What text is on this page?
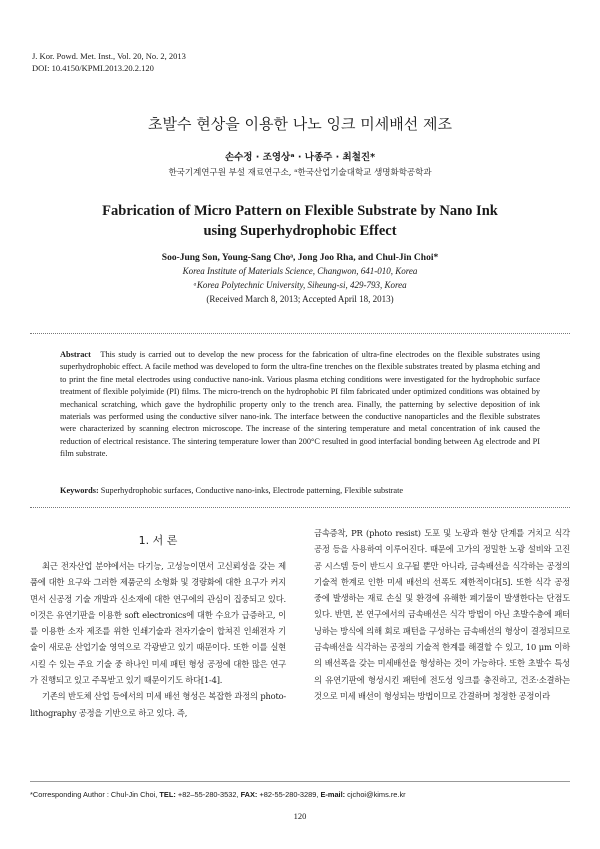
J. Kor. Powd. Met. Inst., Vol. 20, No. 2, 2013
DOI: 10.4150/KPMI.2013.20.2.120
초발수 현상을 이용한 나노 잉크 미세배선 제조
손수정 · 조영상ᵃ · 나종주 · 최철진*
한국기계연구원 부설 재료연구소, ᵃ한국산업기술대학교 생명화학공학과
Fabrication of Micro Pattern on Flexible Substrate by Nano Ink
using Superhydrophobic Effect
Soo-Jung Son, Young-Sang Choᵃ, Jong Joo Rha, and Chul-Jin Choi*
Korea Institute of Materials Science, Changwon, 641-010, Korea
ᵃKorea Polytechnic University, Siheung-si, 429-793, Korea
(Received March 8, 2013; Accepted April 18, 2013)
Abstract This study is carried out to develop the new process for the fabrication of ultra-fine electrodes on the flexible substrates using superhydrophobic effect. A facile method was developed to form the ultra-fine trenches on the flexible substrates treated by plasma etching and to print the fine metal electrodes using conductive nano-ink. Various plasma etching conditions were investigated for the hydrophobic surface treatment of flexible polyimide (PI) films. The micro-trench on the hydrophobic PI film fabricated under optimized conditions was obtained by mechanical scratching, which gave the hydrophilic property only to the trench area. Finally, the patterning by selective deposition of ink materials was performed using the conductive silver nano-ink. The interface between the conductive nanoparticles and the flexible substrates were characterized by scanning electron microscope. The increase of the sintering temperature and metal concentration of ink caused the reduction of electrical resistance. The sintering temperature lower than 200°C resulted in good interfacial bonding between Ag electrode and PI film substrate.
Keywords: Superhydrophobic surfaces, Conductive nano-inks, Electrode patterning, Flexible substrate
1. 서 론

최근 전자산업 분야에서는 다기능, 고성능이면서 고신뢰성을 갖는 제품에 대한 요구와 그러한 제품군의 소형화 및 경량화에 대한 요구가 커지면서 신공정 기술 개발과 신소재에 대한 연구에의 관심이 집중되고 있다. 이것은 유연기판을 이용한 soft electronics에 대한 수요가 급증하고, 이를 이용한 소자 제조를 위한 인쇄기술과 전자기술이 합쳐진 인쇄전자 기술이 새로운 산업기술 영역으로 각광받고 있기 때문이다. 또한 이를 실현시킬 수 있는 주요 기술 중 하나인 미세 패턴 형성 공정에 대한 많은 연구가 진행되고 있고 주목받고 있기 때문이기도 하다[1-4].

기존의 반도체 산업 등에서의 미세 배선 형성은 복잡한 과정의 photo-lithography 공정을 기반으로 하고 있다. 즉,

금속증착, PR (photo resist) 도포 및 노광과 현상 단계를 거치고 식각 공정 등을 사용하여 이루어진다. 때문에 고가의 정밀한 노광 설비와 고진공 시스템 등이 반드시 요구될 뿐만 아니라, 금속배선을 식각하는 공정의 기술적 한계로 인한 미세 배선의 선폭도 제한적이다[5]. 또한 식각 공정 중에 발생하는 재료 손실 및 환경에 유해한 폐기물이 발생한다는 단점도 있다. 반면, 본 연구에서의 금속배선은 식각 방법이 아닌 초발수층에 패터닝하는 방식에 의해 회로 패턴을 구성하는 금속배선의 형상이 결정되므로 금속배선을 식각하는 공정의 기술적 한계를 해결할 수 있고, 10 μm 이하의 배선폭을 갖는 미세배선을 형성하는 것이 가능하다. 또한 초발수 특성의 유연기판에 형성시킨 패턴에 전도성 잉크를 충진하고, 건조·소결하는 것으로 미세 배선이 형성되는 방법이므로 간결하며 청정한 공정이라

*Corresponding Author : Chul-Jin Choi, TEL: +82–55-280-3532, FAX: +82-55-280-3289, E-mail: cjchoi@kims.re.kr
120
